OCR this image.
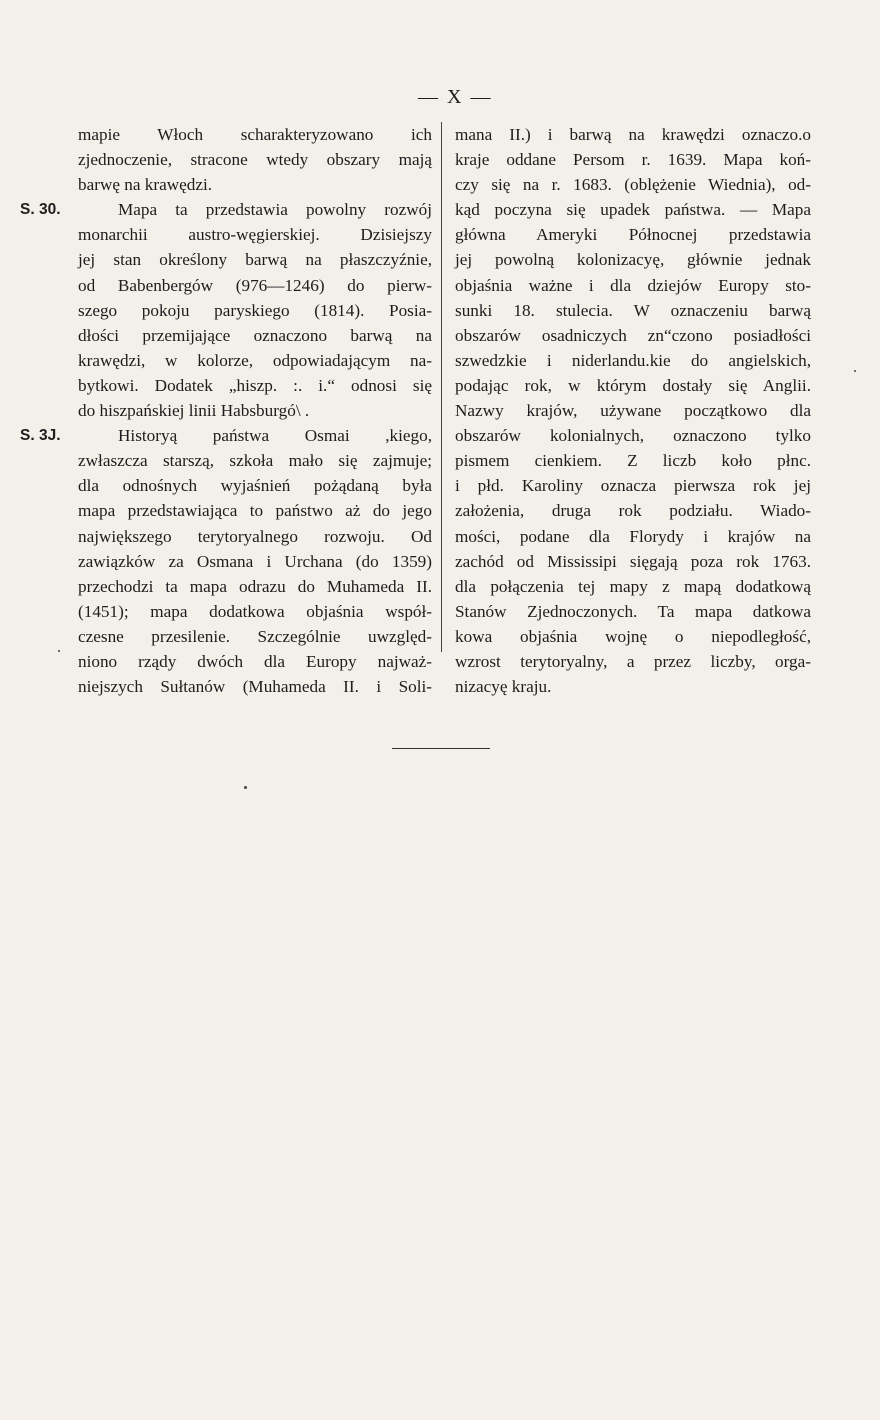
— X —
mapie Włoch scharakteryzowano ich
zjednoczenie, stracone wtedy obszary mają
barwę na krawędzi.
S. 30.	Mapa ta przedstawia powolny rozwój
monarchii austro-węgierskiej. Dzisiejszy
jej stan określony barwą na płaszczyźnie,
od Babenbergów (976—1246) do pierw-
szego pokoju paryskiego (1814). Posia-
dłości przemijające oznaczono barwą na
krawędzi, w kolorze, odpowiadającym na-
bytkowi. Dodatek „hiszp. :. i.“ odnosi się
do hiszpańskiej linii Habsburgó\ .
S. 3J.	Historyą państwa Osmai ,kiego,
zwłaszcza starszą, szkoła mało się zajmuje;
dla odnośnych wyjaśnień pożądaną była
mapa przedstawiająca to państwo aż do jego
największego terytoryalnego rozwoju. Od
zawiązków za Osmana i Urchana (do 1359)
przechodzi ta mapa odrazu do Muhameda II.
(1451); mapa dodatkowa objaśnia współ-
czesne przesilenie. Szczególnie uwzględ-
niono rządy dwóch dla Europy najważ-
niejszych Sułtanów (Muhameda II. i Soli-
mana II.) i barwą na krawędzi oznaczo.o
kraje oddane Persom r. 1639. Mapa koń-
czy się na r. 1683. (oblężenie Wiednia), od-
kąd poczyna się upadek państwa. — Mapa
główna Ameryki Północnej przedstawia
jej powolną kolonizacyę, głównie jednak
objaśnia ważne i dla dziejów Europy sto-
sunki 18. stulecia. W oznaczeniu barwą
obszarów osadniczych zn“czono posiadłości
szwedzkie i niderlandu.kie do angielskich,
podając rok, w którym dostały się Anglii.
Nazwy krajów, używane początkowo dla
obszarów kolonialnych, oznaczono tylko
pismem cienkiem. Z liczb koło płnc.
i płd. Karoliny oznacza pierwsza rok jej
założenia, druga rok podziału. Wiado-
mości, podane dla Florydy i krajów na
zachód od Mississipi sięgają poza rok 1763.
dla połączenia tej mapy z mapą dodatkową
Stanów Zjednoczonych. Ta mapa datkowa
kowa objaśnia wojnę o niepodległość,
wzrost terytoryalny, a przez liczby, orga-
nizacyę kraju.
